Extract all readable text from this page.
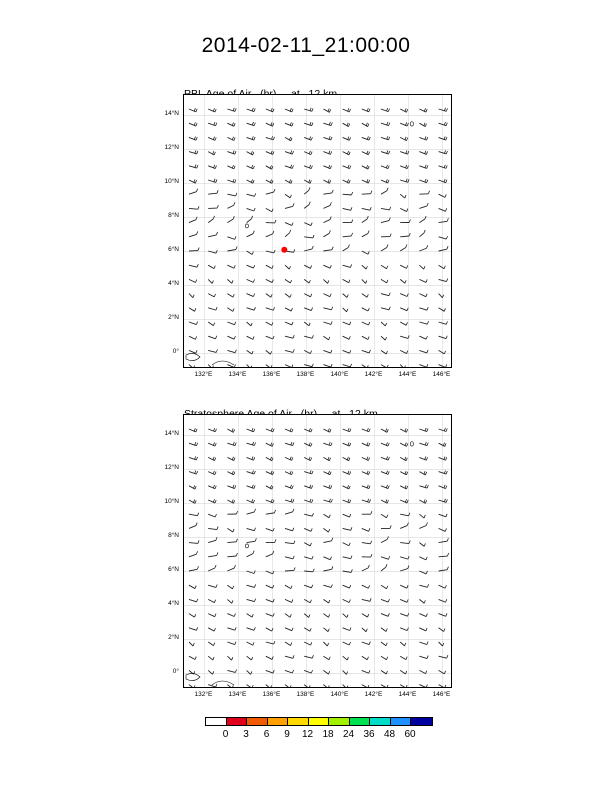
2014-02-11_21:00:00

14°N
12°N
10°N
8°N
6°N
4°N
2°N
0°
132°E	134°E	136°E	138°E	140°E	142°E	144°E	146°E

14°N
12°N
10°N
8°N
6°N
4°N
2°N
0°
132°E	134°E	136°E	138°E	140°E	142°E	144°E	146°E
0	3	6	9	12 18 24 36 48 60
